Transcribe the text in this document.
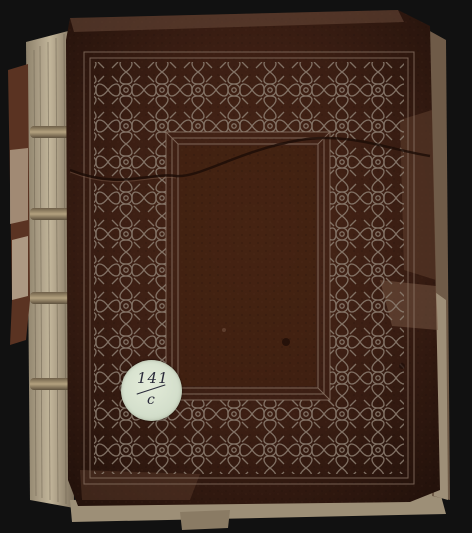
141
c
